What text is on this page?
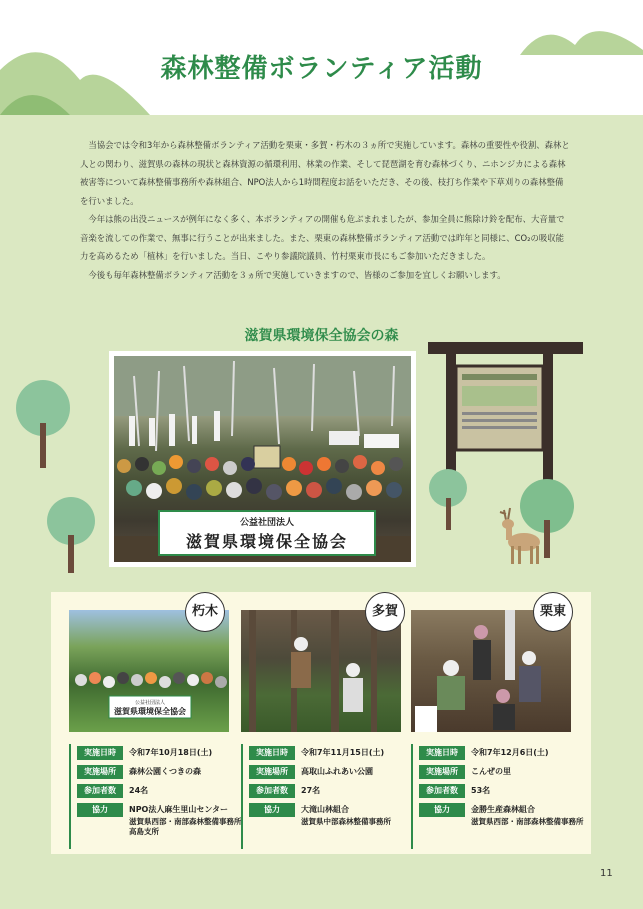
森林整備ボランティア活動

当協会では令和3年から森林整備ボランティア活動を栗東・多賀・朽木の３ヵ所で実施しています。森林の重要性や役割、森林と人との関わり、滋賀県の森林の現状と森林資源の循環利用、林業の作業、そして琵琶湖を育む森林づくり、ニホンジカによる森林被害等について森林整備事務所や森林組合、NPO法人から1時間程度お話をいただき、その後、枝打ち作業や下草刈りの森林整備を行いました。

今年は熊の出没ニュースが例年になく多く、本ボランティアの開催も危ぶまれましたが、参加全員に熊除け鈴を配布、大音量で音楽を流しての作業で、無事に行うことが出来ました。また、栗東の森林整備ボランティア活動では昨年と同様に、CO₂の吸収能力を高めるため「植林」を行いました。当日、こやり参議院議員、竹村栗東市長にもご参加いただきました。

今後も毎年森林整備ボランティア活動を３ヵ所で実施していきますので、皆様のご参加を宜しくお願いします。

滋賀県環境保全協会の森
公益社団法人
滋賀県環境保全協会
公益社団法人
滋賀県環境保全協会
朽木
実施日時	令和7年10月18日(土)
実施場所	森林公園くつきの森
参加者数	24名
協力	NPO法人麻生里山センター
滋賀県西部・南部森林整備事務所
高島支所
多賀
実施日時	令和7年11月15日(土)
実施場所	高取山ふれあい公園
参加者数	27名
協力	大滝山林組合
滋賀県中部森林整備事務所
栗東
実施日時	令和7年12月6日(土)
実施場所	こんぜの里
参加者数	53名
協力	金勝生産森林組合
滋賀県西部・南部森林整備事務所
11
